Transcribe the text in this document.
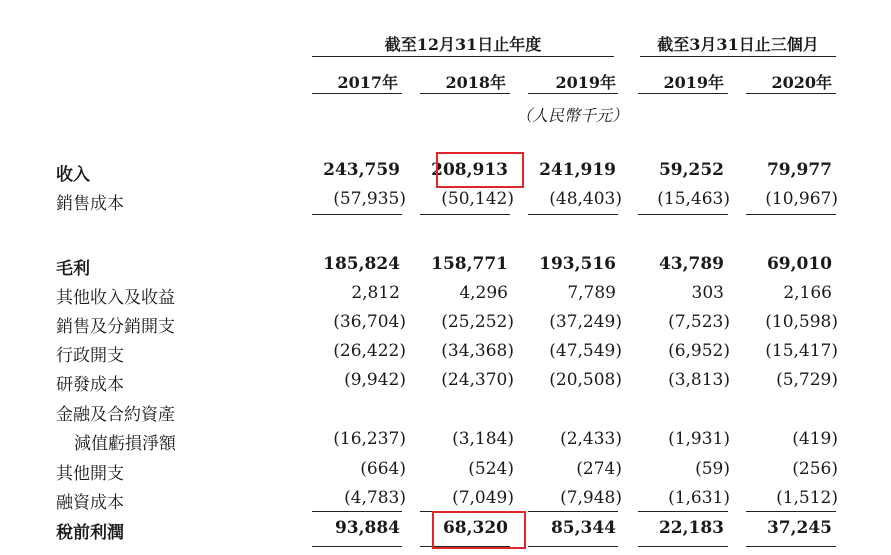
截至12月31日止年度	截至3月31日止三個月
2017年	2018年	2019年	2019年	2020年
（人民幣千元）
收入	243,759	208,913	241,919	59,252	79,977
銷售成本	(57,935)	(50,142)	(48,403)	(15,463)	(10,967)
毛利	185,824	158,771	193,516	43,789	69,010
其他收入及收益	2,812	4,296	7,789	303	2,166
銷售及分銷開支	(36,704)	(25,252)	(37,249)	(7,523)	(10,598)
行政開支	(26,422)	(34,368)	(47,549)	(6,952)	(15,417)
研發成本	(9,942)	(24,370)	(20,508)	(3,813)	(5,729)
金融及合約資產
減值虧損淨額	(16,237)	(3,184)	(2,433)	(1,931)	(419)
其他開支	(664)	(524)	(274)	(59)	(256)
融資成本	(4,783)	(7,049)	(7,948)	(1,631)	(1,512)
稅前利潤	93,884	68,320	85,344	22,183	37,245
